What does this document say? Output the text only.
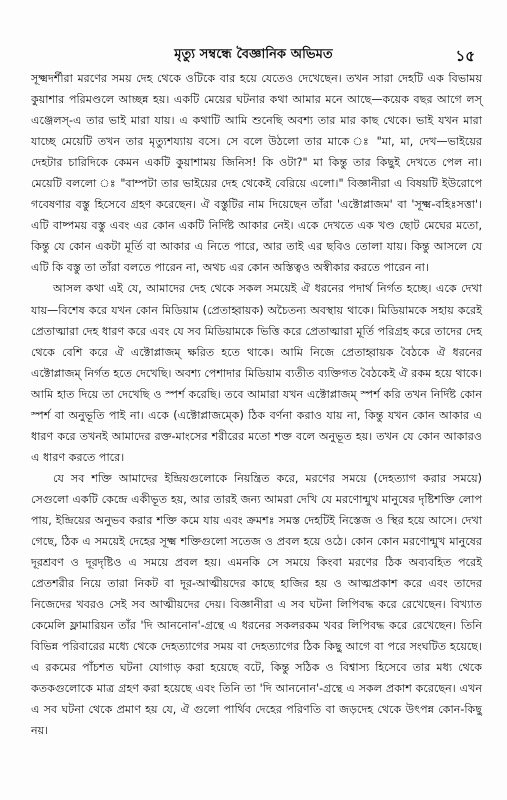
মৃত্যু সম্বন্ধে বৈজ্ঞানিক অভিমত	১৫

সূক্ষ্মদর্শীরা মরণের সময় দেহ থেকে ওটিকে বার হয়ে যেতেও দেখেছেন। তখন সারা দেহটি এক বিভাময় কুয়াশার পরিমণ্ডলে আচ্ছন্ন হয়। একটি মেয়ের ঘটনার কথা আমার মনে আছে—কয়েক বছর আগে লস্ এঞ্জেলস্-এ তার ভাই মারা যায়। এ কথাটি আমি শুনেছি অবশ্য তার মার কাছ থেকে। ভাই যখন মারা যাচ্ছে মেয়েটি তখন তার মৃত্যুশয্যায় বসে। সে বলে উঠলো তার মাকে ঃ "মা, মা, দেখ—ভাইয়ের দেহটার চারিদিকে কেমন একটি কুয়াশাময় জিনিস! কি ওটা?" মা কিন্তু তার কিছুই দেখতে পেল না। মেয়েটি বললো ঃ "বাম্পটা তার ভাইয়ের দেহ থেকেই বেরিয়ে এলো।" বিজ্ঞানীরা এ বিষয়টি ইউরোপে গবেষণার বস্তু হিসেবে গ্রহণ করেছেন। ঐ বস্তুটির নাম দিয়েছেন তাঁরা 'এক্টোপ্লাজম' বা 'সূক্ষ্ম-বহিঃসত্তা'। এটি বাষ্পময় বস্তু এবং এর কোন একটি নির্দিষ্ট আকার নেই। একে দেখতে এক খণ্ড ছোট মেঘের মতো, কিন্তু যে কোন একটা মূর্তি বা আকার এ নিতে পারে, আর তাই এর ছবিও তোলা যায়। কিন্তু আসলে যে এটি কি বস্তু তা তাঁরা বলতে পারেন না, অথচ এর কোন অস্তিত্বও অস্বীকার করতে পারেন না।

আসল কথা এই যে, আমাদের দেহ থেকে সকল সময়েই ঐ ধরনের পদার্থ নির্গত হচ্ছে। একে দেখা যায়—বিশেষ করে যখন কোন মিডিয়াম (প্রেতাহ্বায়ক) অচৈতন্য অবস্থায় থাকে। মিডিয়ামকে সহায় করেই প্রেতাত্মারা দেহ ধারণ করে এবং যে সব মিডিয়ামকে ভিত্তি করে প্রেতাত্মারা মূর্তি পরিগ্রহ করে তাদের দেহ থেকে বেশি করে ঐ এক্টোপ্লাজম্ ক্ষরিত হতে থাকে। আমি নিজে প্রেতাহ্বায়ক বৈঠকে ঐ ধরনের এক্টোপ্লাজম্ নির্গত হতে দেখেছি। অবশ্য পেশাদার মিডিয়াম ব্যতীত ব্যক্তিগত বৈঠকেই ঐ রকম হয়ে থাকে। আমি হাত দিয়ে তা দেখেছি ও স্পর্শ করেছি। তবে আমারা যখন এক্টোপ্লাজম্ স্পর্শ করি তখন নির্দিষ্ট কোন স্পর্শ বা অনুভূতি পাই না। একে (এক্টোপ্লাজম্কে) ঠিক বর্ণনা করাও যায় না, কিন্তু যখন কোন আকার এ ধারণ করে তখনই আমাদের রক্ত-মাংসের শরীরের মতো শক্ত বলে অনুভূত হয়। তখন যে কোন আকারও এ ধারণ করতে পারে।

যে সব শক্তি আমাদের ইন্দ্রিয়গুলোকে নিয়ন্ত্রিত করে, মরণের সময়ে (দেহত্যাগ করার সময়ে) সেগুলো একটি কেন্দ্রে একীভূত হয়, আর তারই জন্য আমরা দেখি যে মরণোন্মুখ মানুষের দৃষ্টিশক্তি লোপ পায়, ইন্দ্রিয়ের অনুভব করার শক্তি কমে যায় এবং ক্রমশঃ সমস্ত দেহটিই নিস্তেজ ও স্থির হয়ে আসে। দেখা গেছে, ঠিক এ সময়েই দেহের সূক্ষ্ম শক্তিগুলো সতেজ ও প্রবল হয়ে ওঠে। কোন কোন মরণোন্মুখ মানুষের দূরশ্রবণ ও দূরদৃষ্টিও এ সময়ে প্রবল হয়। এমনকি সে সময়ে কিংবা মরণের ঠিক অব্যবহিত পরেই প্রেতশরীর নিয়ে তারা নিকট বা দূর-আত্মীয়দের কাছে হাজির হয় ও আত্মপ্রকাশ করে এবং তাদের নিজেদের খবরও সেই সব আত্মীয়দের দেয়। বিজ্ঞানীরা এ সব ঘটনা লিপিবদ্ধ করে রেখেছেন। বিখ্যাত কেমেলি ফ্লামারিয়ন তাঁর 'দি আননোন'-গ্রন্থে এ ধরনের সকলরকম খবর লিপিবদ্ধ করে রেখেছেন। তিনি বিভিন্ন পরিবারের মধ্যে থেকে দেহত্যাগের সময় বা দেহত্যাগের ঠিক কিছু আগে বা পরে সংঘটিত হয়েছে। এ রকমের পাঁচশত ঘটনা যোগাড় করা হয়েছে বটে, কিন্তু সঠিক ও বিশ্বাস্য হিসেবে তার মধ্য থেকে কতকগুলোকে মাত্র গ্রহণ করা হয়েছে এবং তিনি তা 'দি আননোন'-গ্রন্থে এ সকল প্রকাশ করেছেন। এখন এ সব ঘটনা থেকে প্রমাণ হয় যে, ঐ গুলো পার্থিব দেহের পরিণতি বা জড়দেহ থেকে উৎপন্ন কোন-কিছু নয়।
